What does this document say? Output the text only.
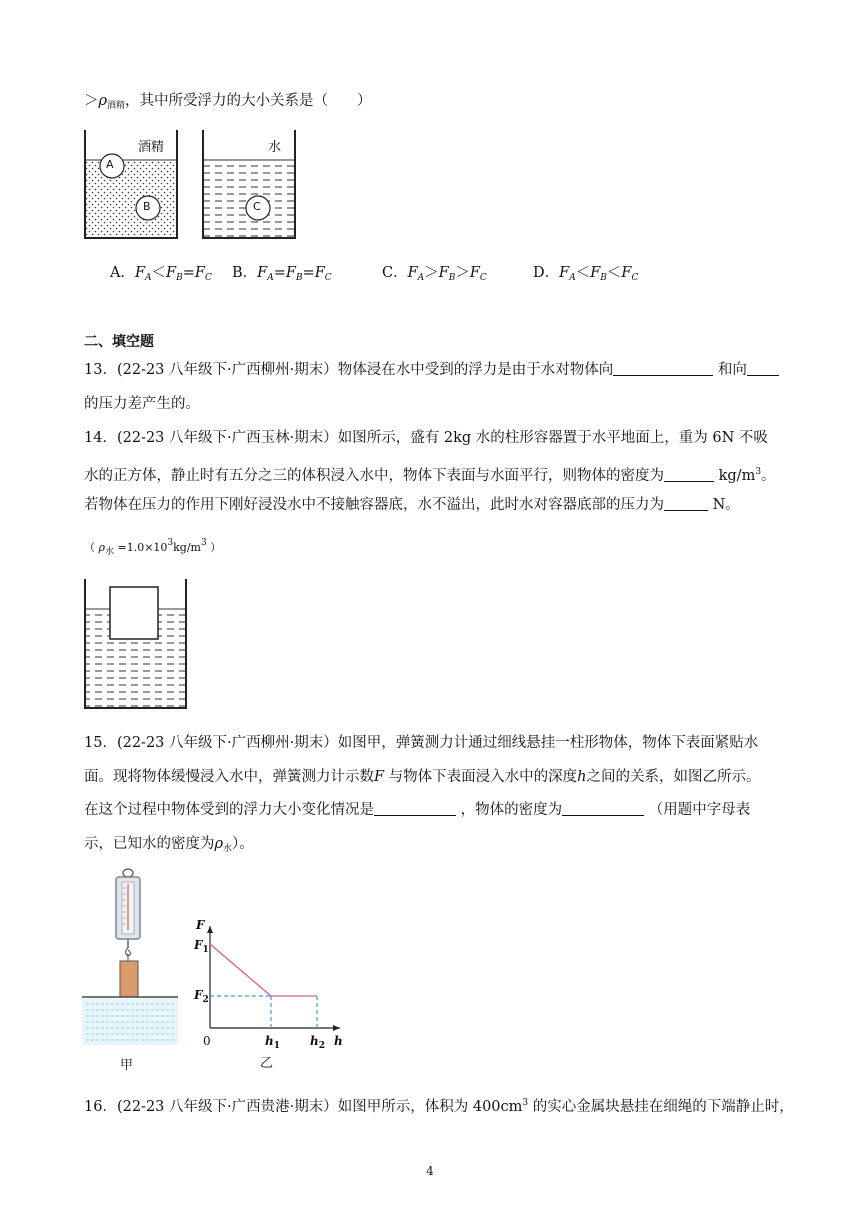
$>\rho_{酒精}$，其中所受浮力的大小关系是（　　）
酒精	水
A
B	C
A．$F_A<F_B=F_C$ B．$F_A=F_B=F_C$	C．$F_A>F_B>F_C$	D．$F_A<F_B<F_C$
二、填空题
13．(22-23 八年级下·广西柳州·期末）物体浸在水中受到的浮力是由于水对物体向	和向
的压力差产生的。
14．(22-23 八年级下·广西玉林·期末）如图所示，盛有 2kg 水的柱形容器置于水平地面上，重为 6N 不吸
水的正方体，静止时有五分之三的体积浸入水中，物体下表面与水面平行，则物体的密度为	$kg/m^3$。
若物体在压力的作用下刚好浸没水中不接触容器底，水不溢出，此时水对容器底部的压力为	N。
（ $\rho_水 =1.0\times 10^3kg/m^3$ ）
15．(22-23 八年级下·广西柳州·期末）如图甲，弹簧测力计通过细线悬挂一柱形物体，物体下表面紧贴水
面。现将物体缓慢浸入水中，弹簧测力计示数F 与物体下表面浸入水中的深度h之间的关系，如图乙所示。
在这个过程中物体受到的浮力大小变化情况是	，物体的密度为	（用题中字母表
示，已知水的密度为$\rho_水$）。
甲
F
$F_1$
$F_2$
0	$h_1$	$h_2$ h
乙
16．(22-23 八年级下·广西贵港·期末）如图甲所示，体积为 $400cm^3$ 的实心金属块悬挂在细绳的下端静止时，
4
